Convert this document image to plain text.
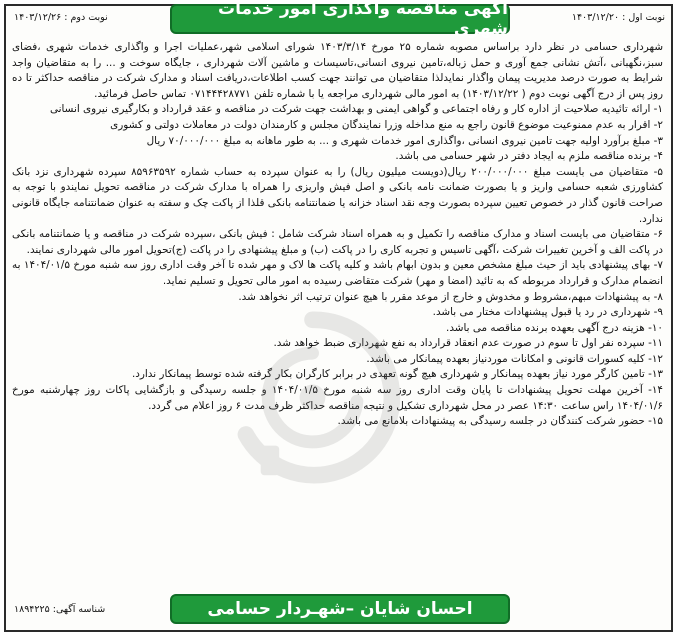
نوبت دوم : ۱۴۰۳/۱۲/۲۶	آگهی مناقصه واگذاری امور خدمات شهری
نوبت اول : ۱۴۰۳/۱۲/۲۰

شهرداری حسامی در نظر دارد براساس مصوبه شماره ۲۵ مورخ ۱۴۰۳/۳/۱۴ شورای اسلامی شهر،عملیات اجرا و واگذاری خدمات شهری ،فضای سبز،نگهبانی ،آتش نشانی جمع آوری و حمل زباله،تامین نیروی انسانی،تاسیسات و ماشین آلات شهرداری ، جایگاه سوخت و ... را به متقاضیان واجد شرایط به صورت درصد مدیریت پیمان واگذار نمایدلذا متقاضیان می توانند جهت کسب اطلاعات،دریافت اسناد و مدارک شرکت در مناقصه حداکثر تا ده روز پس از درج آگهی نوبت دوم ( ۱۴۰۳/۱۲/۲۲) به امور مالی شهرداری مراجعه یا با شماره تلفن ۰۷۱۴۴۴۲۸۷۷۱ تماس حاصل فرمائید.

۱- ارائه تائیدیه صلاحیت از اداره کار و رفاه اجتماعی و گواهی ایمنی و بهداشت جهت شرکت در مناقصه و عقد قرارداد و بکارگیری نیروی انسانی

۲- اقرار به عدم ممنوعیت موضوع قانون راجع به منع مداخله وزرا نمایندگان مجلس و کارمندان دولت در معاملات دولتی و کشوری

۳- مبلغ برآورد اولیه جهت تامین نیروی انسانی ،واگذاری امور خدمات شهری و ... به طور ماهانه به مبلغ ۷۰/۰۰۰/۰۰۰ ریال

۴- برنده مناقصه ملزم به ایجاد دفتر در شهر حسامی می باشد.

۵- متقاضیان می بایست مبلغ ۲۰۰/۰۰۰/۰۰۰ ریال(دویست میلیون ریال) را به عنوان سپرده به حساب شماره ۸۵۹۶۳۵۹۲ سپرده شهرداری نزد بانک کشاورزی شعبه حسامی واریز و یا بصورت ضمانت نامه بانکی و اصل فیش واریزی را همراه با مدارک شرکت در مناقصه تحویل نمایندو با توجه به صراحت قانون گذار در خصوص تعیین سپرده بصورت وجه نقد اسناد خزانه یا ضمانتنامه بانکی قلذا از پاکت چک و سفته به عنوان ضمانتنامه جایگاه قانونی ندارد.

۶- متقاضیان می بایست اسناد و مدارک مناقصه را تکمیل و به همراه اسناد شرکت شامل : فیش بانکی ،سپرده شرکت در مناقصه و یا ضمانتنامه بانکی در پاکت الف و آخرین تغییرات شرکت ،آگهی تاسیس و تجربه کاری را در پاکت (ب) و مبلغ پیشنهادی را در پاکت (ج)تحویل امور مالی شهرداری نمایند.

۷- بهای پیشنهادی باید از حیث مبلغ مشخص معین و بدون ابهام باشد و کلیه پاکت ها لاک و مهر شده تا آخر وقت اداری روز سه شنبه مورخ ۱۴۰۴/۰۱/۵ به انضمام مدارک و قرارداد مربوطه که به تائید (امضا و مهر) شرکت متقاضی رسیده به امور مالی تحویل و تسلیم نماید.

۸- به پیشنهادات مبهم،مشروط و مخدوش و خارج از موعد مقرر با هیچ عنوان ترتیب اثر نخواهد شد.

۹- شهرداری در رد یا قبول پیشنهادات مختار می باشد.

۱۰- هزینه درج آگهی بعهده برنده مناقصه می باشد.

۱۱- سپرده نفر اول تا سوم در صورت عدم انعقاد قرارداد به نفع شهرداری ضبط خواهد شد.

۱۲- کلیه کسورات قانونی و امکانات موردنیاز بعهده پیمانکار می باشد.

۱۳- تامین کارگر مورد نیاز بعهده پیمانکار و شهرداری هیچ گونه تعهدی در برابر کارگران بکار گرفته شده توسط پیمانکار ندارد.

۱۴- آخرین مهلت تحویل پیشنهادات تا پایان وقت اداری روز سه شنبه مورخ ۱۴۰۴/۰۱/۵ و جلسه رسیدگی و بازگشایی پاکات روز چهارشنبه مورخ ۱۴۰۴/۰۱/۶ راس ساعت ۱۴:۳۰ عصر در محل شهرداری تشکیل و نتیجه مناقصه حداکثر ظرف مدت ۶ روز اعلام می گردد.

۱۵- حضور شرکت کنندگان در جلسه رسیدگی به پیشنهادات بلامانع می باشد.

شناسه آگهی: ۱۸۹۴۲۲۵	احسان شایان –شهـردار حسامی
